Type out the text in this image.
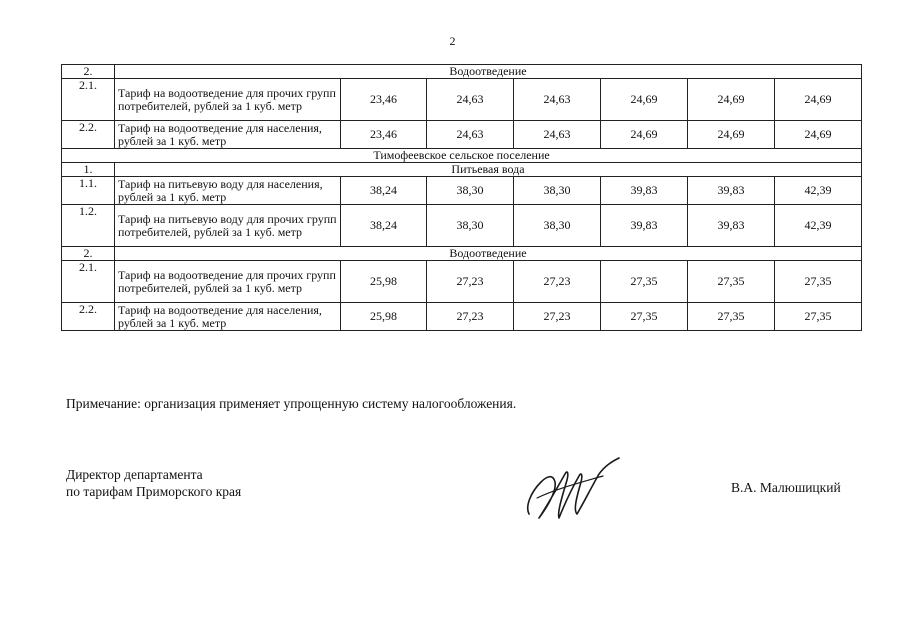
2
2.	Водоотведение						
2.1.	Тариф на водоотведение для прочих групп потребителей, рублей за 1 куб. метр	23,46	24,63	24,63	24,69	24,69	24,69
2.2.	Тариф на водоотведение для населения, рублей за 1 куб. метр	23,46	24,63	24,63	24,69	24,69	24,69
Тимофеевское сельское поселение							
1.	Питьевая вода						
1.1.	Тариф на питьевую воду для населения, рублей за 1 куб. метр	38,24	38,30	38,30	39,83	39,83	42,39
1.2.	Тариф на питьевую воду для прочих групп потребителей, рублей за 1 куб. метр	38,24	38,30	38,30	39,83	39,83	42,39
2.	Водоотведение						
2.1.	Тариф на водоотведение для прочих групп потребителей, рублей за 1 куб. метр	25,98	27,23	27,23	27,35	27,35	27,35
2.2.	Тариф на водоотведение для населения, рублей за 1 куб. метр	25,98	27,23	27,23	27,35	27,35	27,35
Примечание: организация применяет упрощенную систему налогообложения.
Директор департамента
по тарифам Приморского края	В.А. Малюшицкий
